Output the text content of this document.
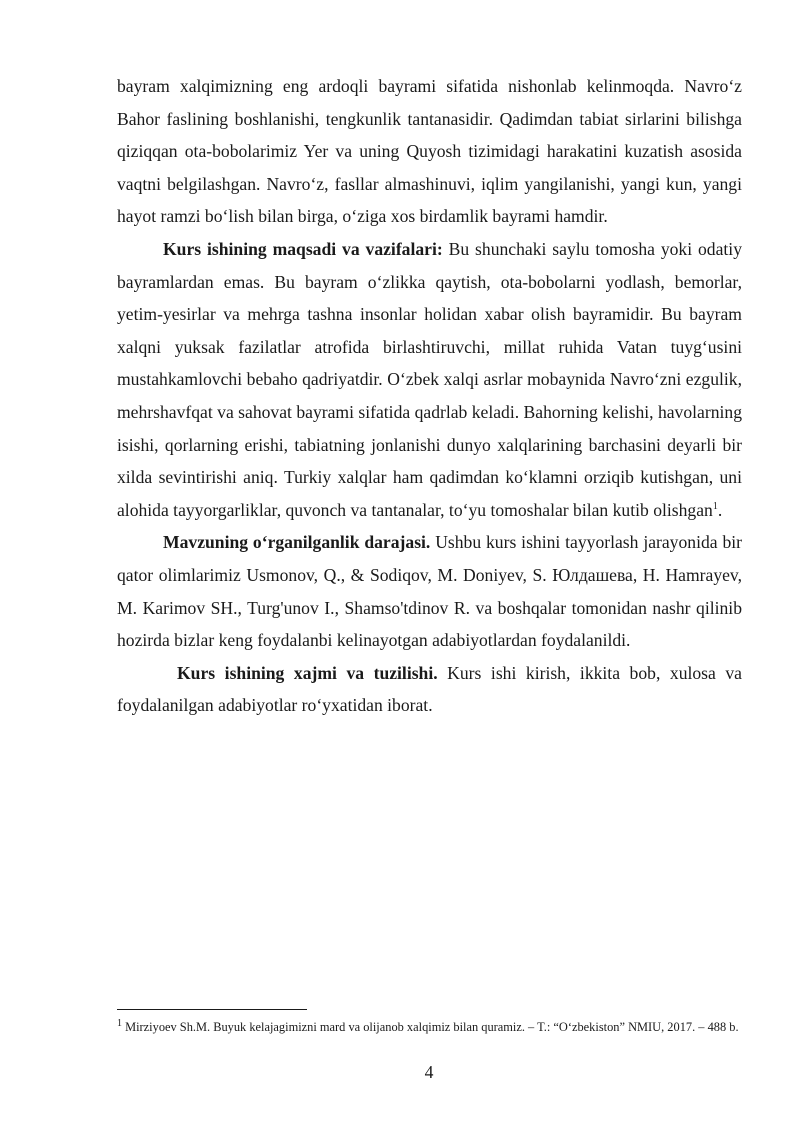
bayram xalqimizning eng ardoqli bayrami sifatida nishonlab kelinmoqda. Navro‘z Bahor faslining boshlanishi, tengkunlik tantanasidir. Qadimdan tabiat sirlarini bilishga qiziqqan ota-bobolarimiz Yer va uning Quyosh tizimidagi harakatini kuzatish asosida vaqtni belgilashgan. Navro‘z, fasllar almashinuvi, iqlim yangilanishi, yangi kun, yangi hayot ramzi bo‘lish bilan birga, o‘ziga xos birdamlik bayrami hamdir.

Kurs ishining maqsadi va vazifalari: Bu shunchaki saylu tomosha yoki odatiy bayramlardan emas. Bu bayram o‘zlikka qaytish, ota-bobolarni yodlash, bemorlar, yetim-yesirlar va mehrga tashna insonlar holidan xabar olish bayramidir. Bu bayram xalqni yuksak fazilatlar atrofida birlashtiruvchi, millat ruhida Vatan tuyg‘usini mustahkamlovchi bebaho qadriyatdir. O‘zbek xalqi asrlar mobaynida Navro‘zni ezgulik, mehrshavfqat va sahovat bayrami sifatida qadrlab keladi. Bahorning kelishi, havolarning isishi, qorlarning erishi, tabiatning jonlanishi dunyo xalqlarining barchasini deyarli bir xilda sevintirishi aniq. Turkiy xalqlar ham qadimdan ko‘klamni orziqib kutishgan, uni alohida tayyorgarliklar, quvonch va tantanalar, to‘yu tomoshalar bilan kutib olishgan$^1$.

Mavzuning o‘rganilganlik darajasi. Ushbu kurs ishini tayyorlash jarayonida bir qator olimlarimiz Usmonov, Q., & Sodiqov, M. Doniyev, S. Юлдашева, H. Hamrayev, M. Karimov SH., Turg'unov I., Shamso'tdinov R. va boshqalar tomonidan nashr qilinib hozirda bizlar keng foydalanbi kelinayotgan adabiyotlardan foydalanildi.

Kurs ishining xajmi va tuzilishi. Kurs ishi kirish, ikkita bob, xulosa va foydalanilgan adabiyotlar ro‘yxatidan iborat.

$^1$ Mirziyoev Sh.M. Buyuk kelajagimizni mard va olijanob xalqimiz bilan quramiz. – T.: “O‘zbekiston” NMIU, 2017. – 488 b.
4
